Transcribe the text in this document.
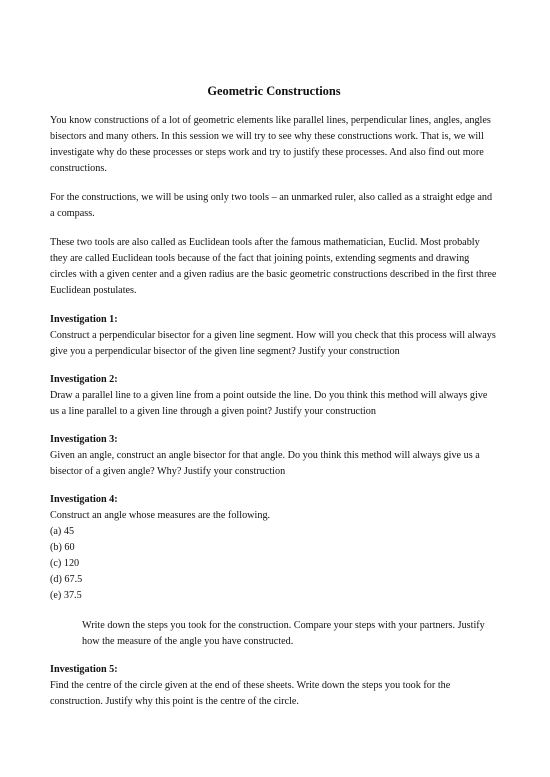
Geometric Constructions

You know constructions of a lot of geometric elements like parallel lines, perpendicular lines, angles, angles bisectors and many others. In this session we will try to see why these constructions work. That is, we will investigate why do these processes or steps work and try to justify these processes. And also find out more constructions.

For the constructions, we will be using only two tools – an unmarked ruler, also called as a straight edge and a compass.

These two tools are also called as Euclidean tools after the famous mathematician, Euclid. Most probably they are called Euclidean tools because of the fact that joining points, extending segments and drawing circles with a given center and a given radius are the basic geometric constructions described in the first three Euclidean postulates.

Investigation 1:
Construct a perpendicular bisector for a given line segment. How will you check that this process will always give you a perpendicular bisector of the given line segment? Justify your construction
Investigation 2:
Draw a parallel line to a given line from a point outside the line. Do you think this method will always give us a line parallel to a given line through a given point? Justify your construction
Investigation 3:
Given an angle, construct an angle bisector for that angle. Do you think this method will always give us a bisector of a given angle? Why? Justify your construction
Investigation 4:
Construct an angle whose measures are the following.
(a) 45
(b) 60
(c) 120
(d) 67.5
(e) 37.5
Write down the steps you took for the construction. Compare your steps with your partners. Justify how the measure of the angle you have constructed.
Investigation 5:
Find the centre of the circle given at the end of these sheets. Write down the steps you took for the construction. Justify why this point is the centre of the circle.
